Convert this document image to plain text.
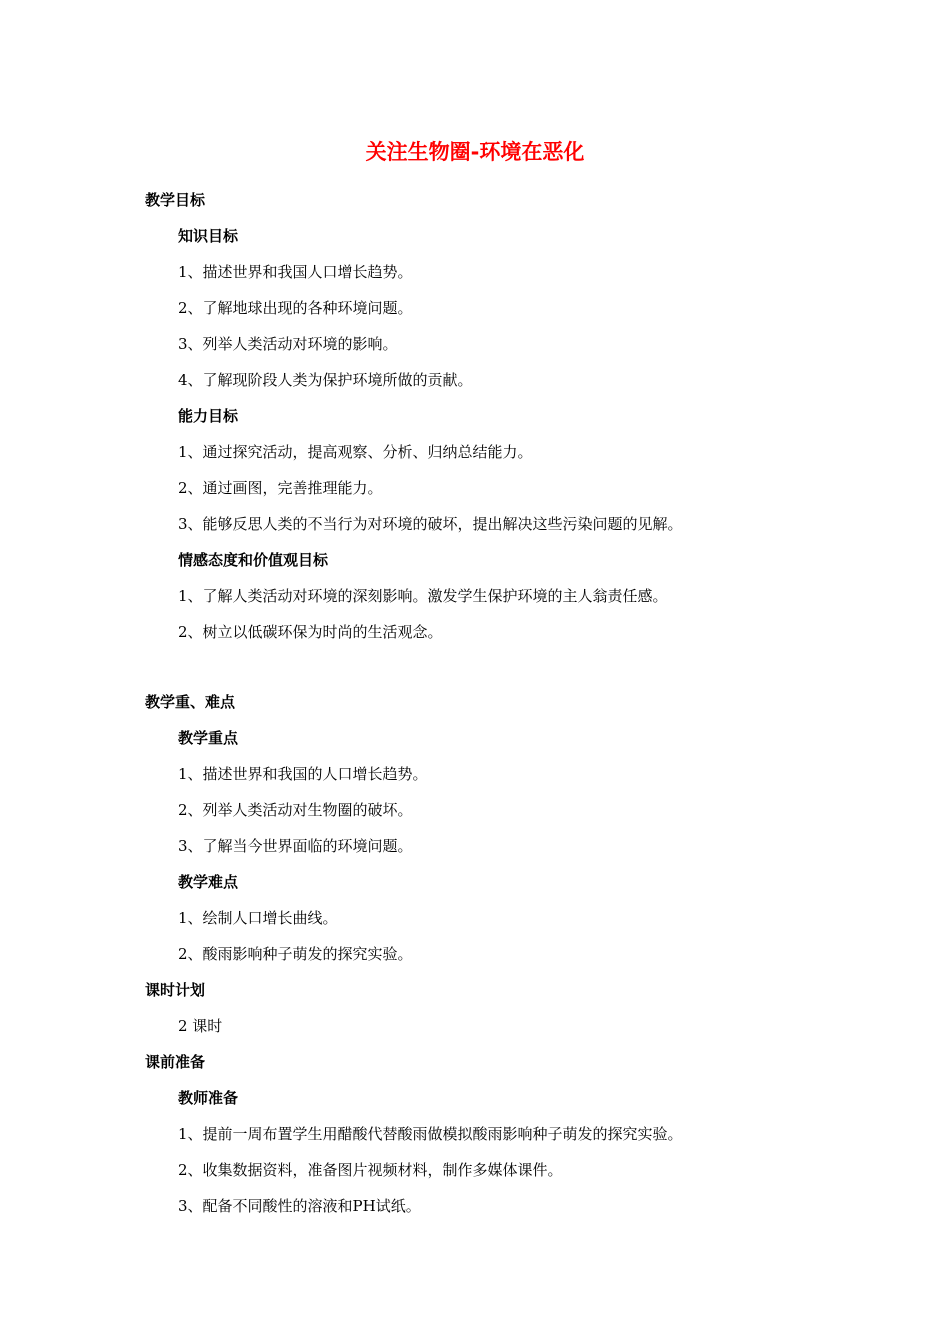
关注生物圈-环境在恶化
教学目标
知识目标
1、描述世界和我国人口增长趋势。
2、了解地球出现的各种环境问题。
3、列举人类活动对环境的影响。
4、了解现阶段人类为保护环境所做的贡献。
能力目标
1、通过探究活动，提高观察、分析、归纳总结能力。
2、通过画图，完善推理能力。
3、能够反思人类的不当行为对环境的破坏，提出解决这些污染问题的见解。
情感态度和价值观目标
1、了解人类活动对环境的深刻影响。激发学生保护环境的主人翁责任感。
2、树立以低碳环保为时尚的生活观念。
教学重、难点
教学重点
1、描述世界和我国的人口增长趋势。
2、列举人类活动对生物圈的破坏。
3、了解当今世界面临的环境问题。
教学难点
1、绘制人口增长曲线。
2、酸雨影响种子萌发的探究实验。
课时计划
2 课时
课前准备
教师准备
1、提前一周布置学生用醋酸代替酸雨做模拟酸雨影响种子萌发的探究实验。
2、收集数据资料，准备图片视频材料，制作多媒体课件。
3、配备不同酸性的溶液和PH试纸。
